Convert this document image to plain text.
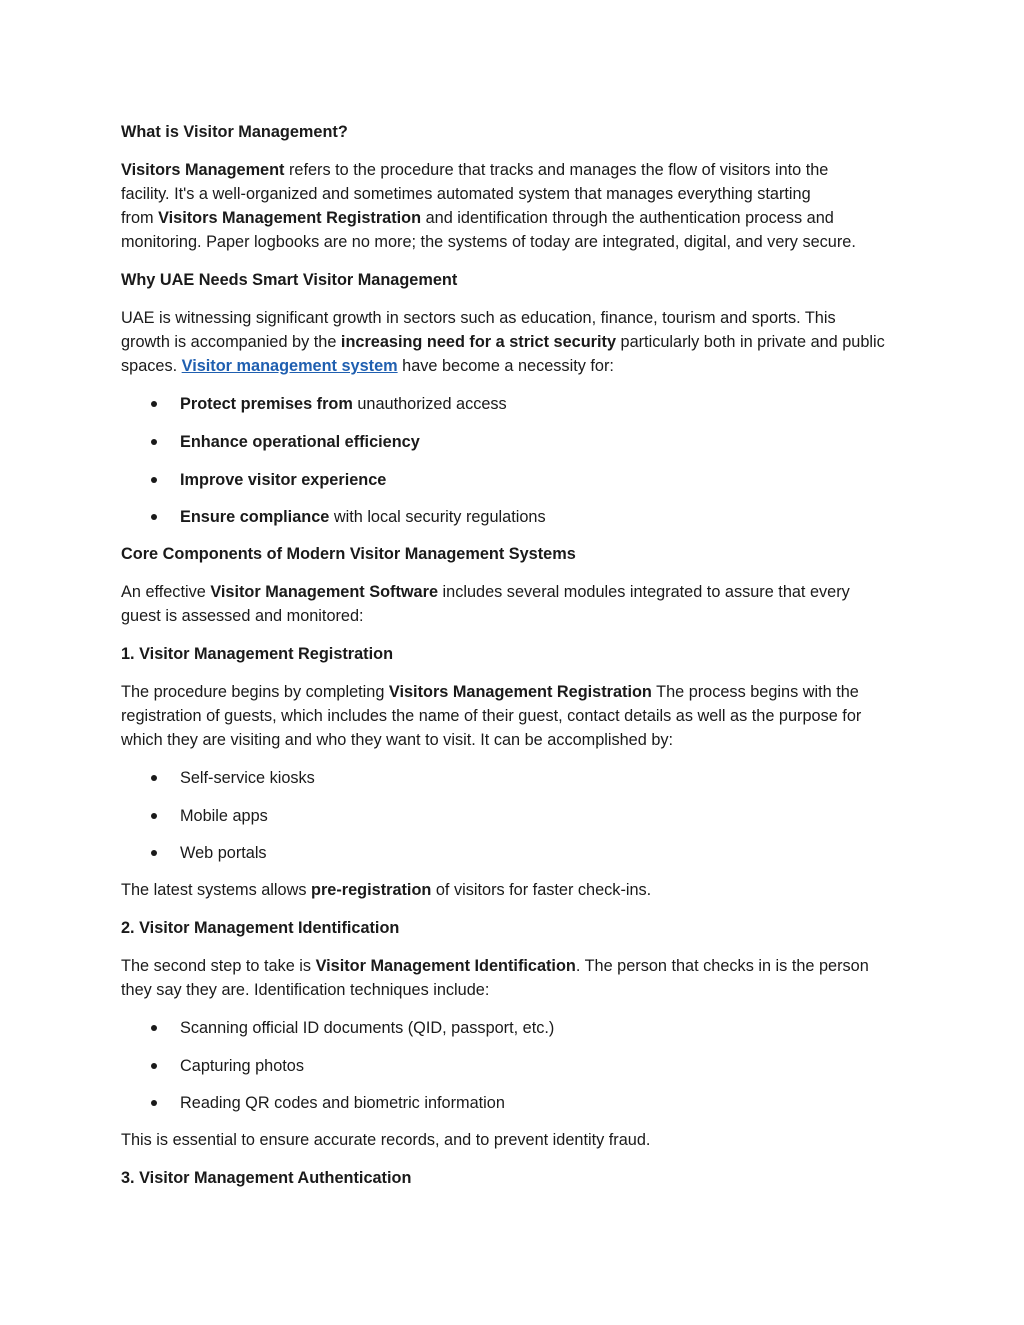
What is Visitor Management?
Visitors Management refers to the procedure that tracks and manages the flow of visitors into the
facility. It's a well-organized and sometimes automated system that manages everything starting
from Visitors Management Registration and identification through the authentication process and
monitoring. Paper logbooks are no more; the systems of today are integrated, digital, and very secure.
Why UAE Needs Smart Visitor Management
UAE is witnessing significant growth in sectors such as education, finance, tourism and sports. This
growth is accompanied by the increasing need for a strict security particularly both in private and public
spaces. Visitor management system have become a necessity for:
Protect premises from unauthorized access
Enhance operational efficiency
Improve visitor experience
Ensure compliance with local security regulations
Core Components of Modern Visitor Management Systems
An effective Visitor Management Software includes several modules integrated to assure that every
guest is assessed and monitored:
1. Visitor Management Registration
The procedure begins by completing Visitors Management Registration The process begins with the
registration of guests, which includes the name of their guest, contact details as well as the purpose for
which they are visiting and who they want to visit. It can be accomplished by:
Self-service kiosks
Mobile apps
Web portals
The latest systems allows pre-registration of visitors for faster check-ins.
2. Visitor Management Identification
The second step to take is Visitor Management Identification. The person that checks in is the person
they say they are. Identification techniques include:
Scanning official ID documents (QID, passport, etc.)
Capturing photos
Reading QR codes and biometric information
This is essential to ensure accurate records, and to prevent identity fraud.
3. Visitor Management Authentication
